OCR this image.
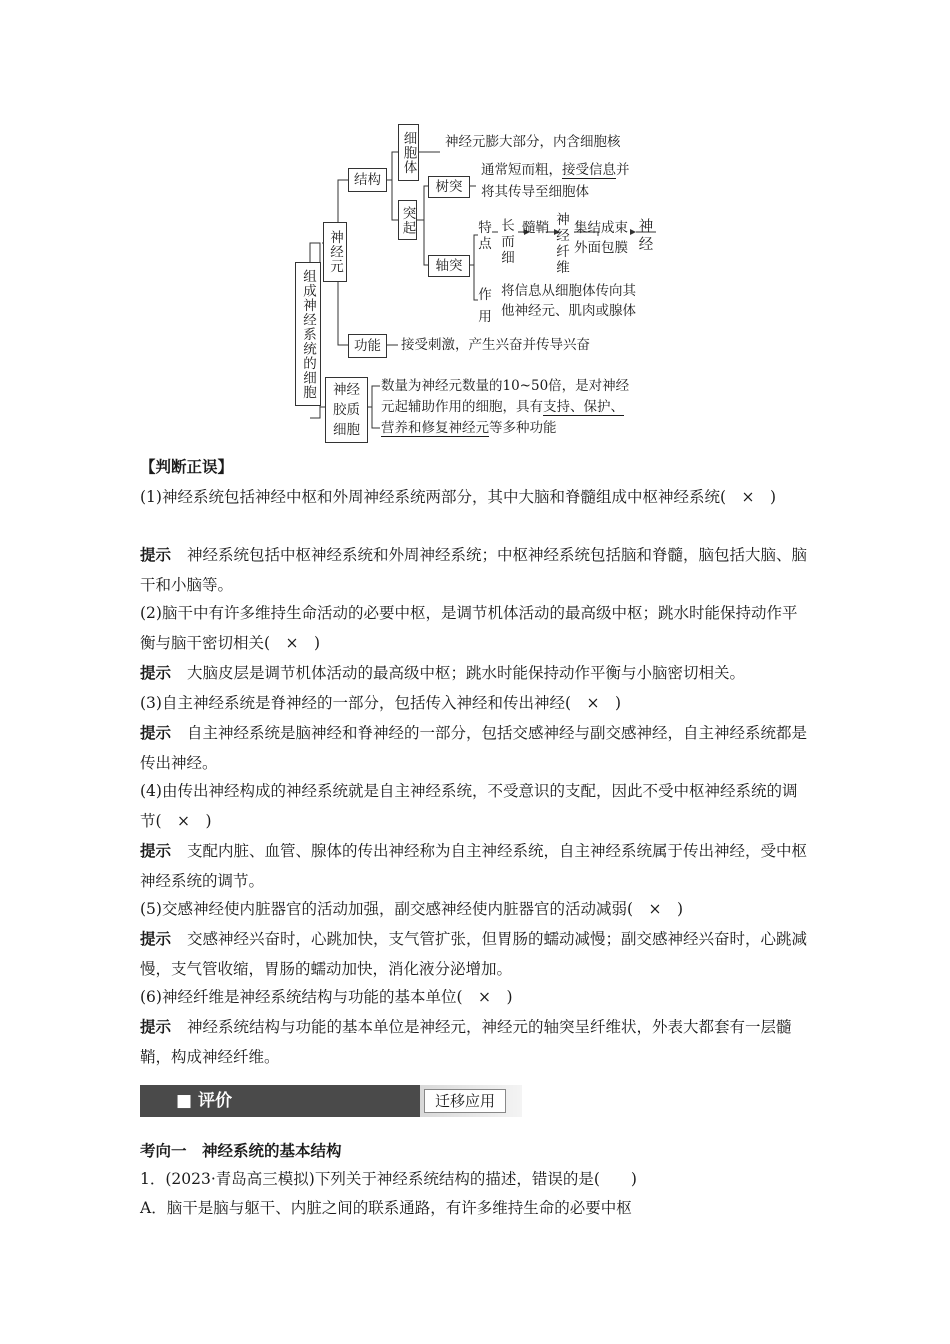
组成神经系统的细胞
神经元
结构
细胞体 神经元膨大部分，内含细胞核
突起
树突
通常短而粗，接受信息并
将其传导至细胞体
轴突
特点
长而细
髓鞘 神经纤维
集结成束
外面包膜
神经
作用
将信息从细胞体传向其
他神经元、肌肉或腺体
功能 接受刺激，产生兴奋并传导兴奋
神经胶质细胞
数量为神经元数量的10~50倍，是对神经
元起辅助作用的细胞，具有支持、保护、
营养和修复神经元等多种功能
【判断正误】
(1)神经系统包括神经中枢和外周神经系统两部分，其中大脑和脊髓组成中枢神经系统(　×　)
提示 神经系统包括中枢神经系统和外周神经系统；中枢神经系统包括脑和脊髓，脑包括大脑、脑干和小脑等。
(2)脑干中有许多维持生命活动的必要中枢，是调节机体活动的最高级中枢；跳水时能保持动作平衡与脑干密切相关(　×　)
提示 大脑皮层是调节机体活动的最高级中枢；跳水时能保持动作平衡与小脑密切相关。
(3)自主神经系统是脊神经的一部分，包括传入神经和传出神经(　×　)
提示 自主神经系统是脑神经和脊神经的一部分，包括交感神经与副交感神经，自主神经系统都是传出神经。
(4)由传出神经构成的神经系统就是自主神经系统，不受意识的支配，因此不受中枢神经系统的调节(　×　)
提示 支配内脏、血管、腺体的传出神经称为自主神经系统，自主神经系统属于传出神经，受中枢神经系统的调节。
(5)交感神经使内脏器官的活动加强，副交感神经使内脏器官的活动减弱(　×　)
提示 交感神经兴奋时，心跳加快，支气管扩张，但胃肠的蠕动减慢；副交感神经兴奋时，心跳减慢，支气管收缩，胃肠的蠕动加快，消化液分泌增加。
(6)神经纤维是神经系统结构与功能的基本单位(　×　)
提示 神经系统结构与功能的基本单位是神经元，神经元的轴突呈纤维状，外表大都套有一层髓鞘，构成神经纤维。
■ 评价	迁移应用
考向一　神经系统的基本结构
1．(2023·青岛高三模拟)下列关于神经系统结构的描述，错误的是(　　)
A．脑干是脑与躯干、内脏之间的联系通路，有许多维持生命的必要中枢
